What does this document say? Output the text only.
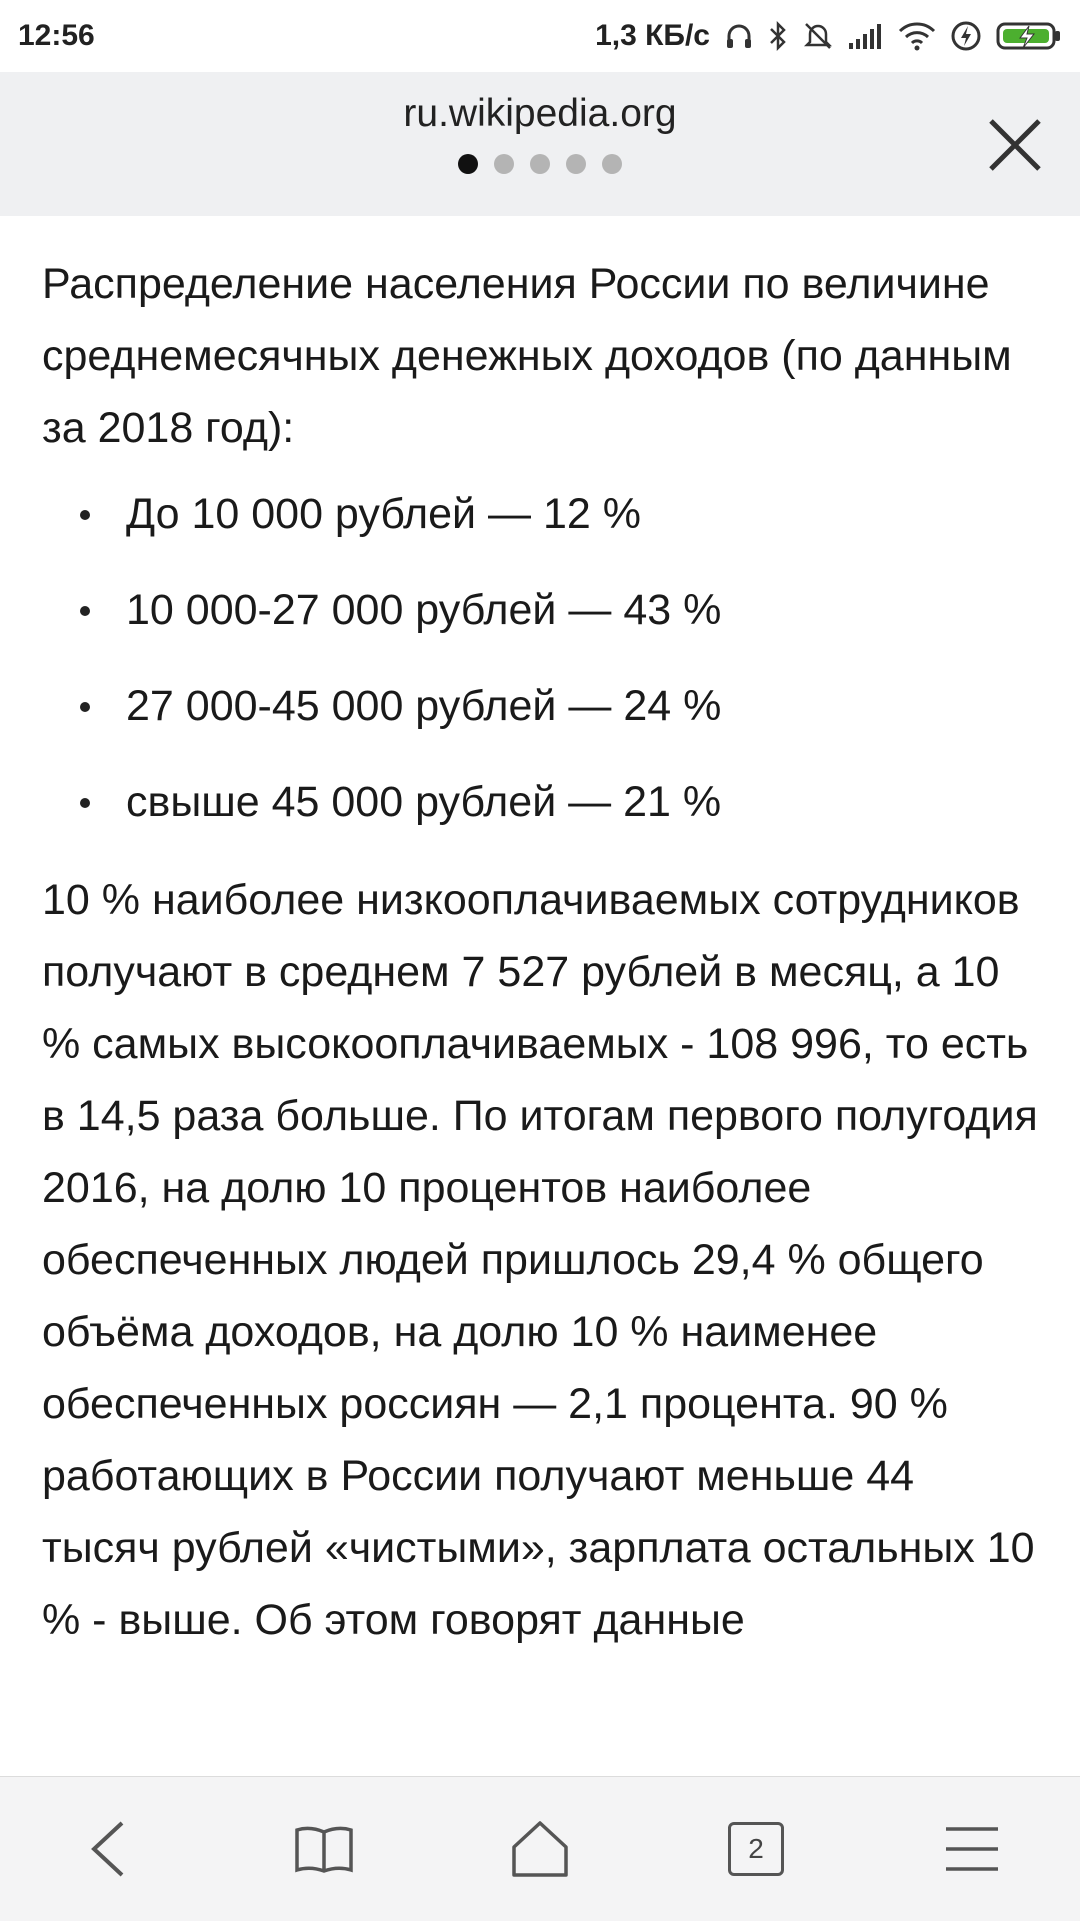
12:56	1,3 КБ/с
ru.wikipedia.org

Распределение населения России по величине среднемесячных денежных доходов (по данным за 2018 год):

До 10 000 рублей — 12 %
10 000-27 000 рублей — 43 %
27 000-45 000 рублей — 24 %
свыше 45 000 рублей — 21 %

10 % наиболее низкооплачиваемых сотрудников получают в среднем 7 527 рублей в месяц, а 10 % самых высокооплачиваемых - 108 996, то есть в 14,5 раза больше. По итогам первого полугодия 2016, на долю 10 процентов наиболее обеспеченных людей пришлось 29,4 % общего объёма доходов, на долю 10 % наименее обеспеченных россиян — 2,1 процента. 90 % работающих в России получают меньше 44 тысяч рублей «чистыми», зарплата остальных 10 % - выше. Об этом говорят данные

2
